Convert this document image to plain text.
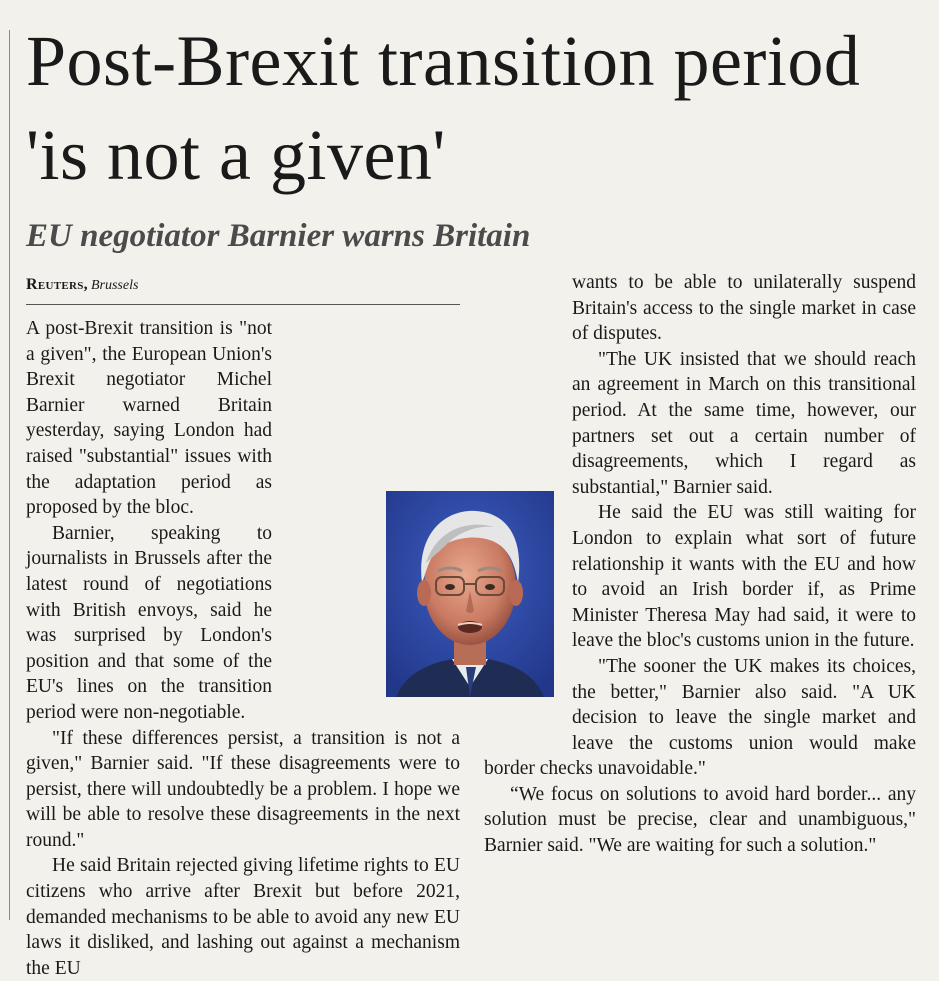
Post-Brexit transition period 'is not a given'
EU negotiator Barnier warns Britain
Reuters, Brussels

A post-Brexit transition is "not a given", the European Union's Brexit negotiator Michel Barnier warned Britain yesterday, saying London had raised "substantial" issues with the adaptation period as proposed by the bloc.

Barnier, speaking to journalists in Brussels after the latest round of negotiations with British envoys, said he was surprised by London's position and that some of the EU's lines on the transition period were non-negotiable.

"If these differences persist, a transition is not a given," Barnier said. "If these disagreements were to persist, there will undoubtedly be a problem. I hope we will be able to resolve these disagreements in the next round."

He said Britain rejected giving lifetime rights to EU citizens who arrive after Brexit but before 2021, demanded mechanisms to be able to avoid any new EU laws it disliked, and lashing out against a mechanism the EU

wants to be able to unilaterally suspend Britain's access to the single market in case of disputes.

"The UK insisted that we should reach an agreement in March on this transitional period. At the same time, however, our partners set out a certain number of disagreements, which I regard as substantial," Barnier said.

He said the EU was still waiting for London to explain what sort of future relationship it wants with the EU and how to avoid an Irish border if, as Prime Minister Theresa May had said, it were to leave the bloc's customs union in the future.

"The sooner the UK makes its choices, the better," Barnier also said. "A UK decision to leave the single market and leave the customs union would make border checks unavoidable."

“We focus on solutions to avoid hard border... any solution must be precise, clear and unambiguous," Barnier said. "We are waiting for such a solution."
